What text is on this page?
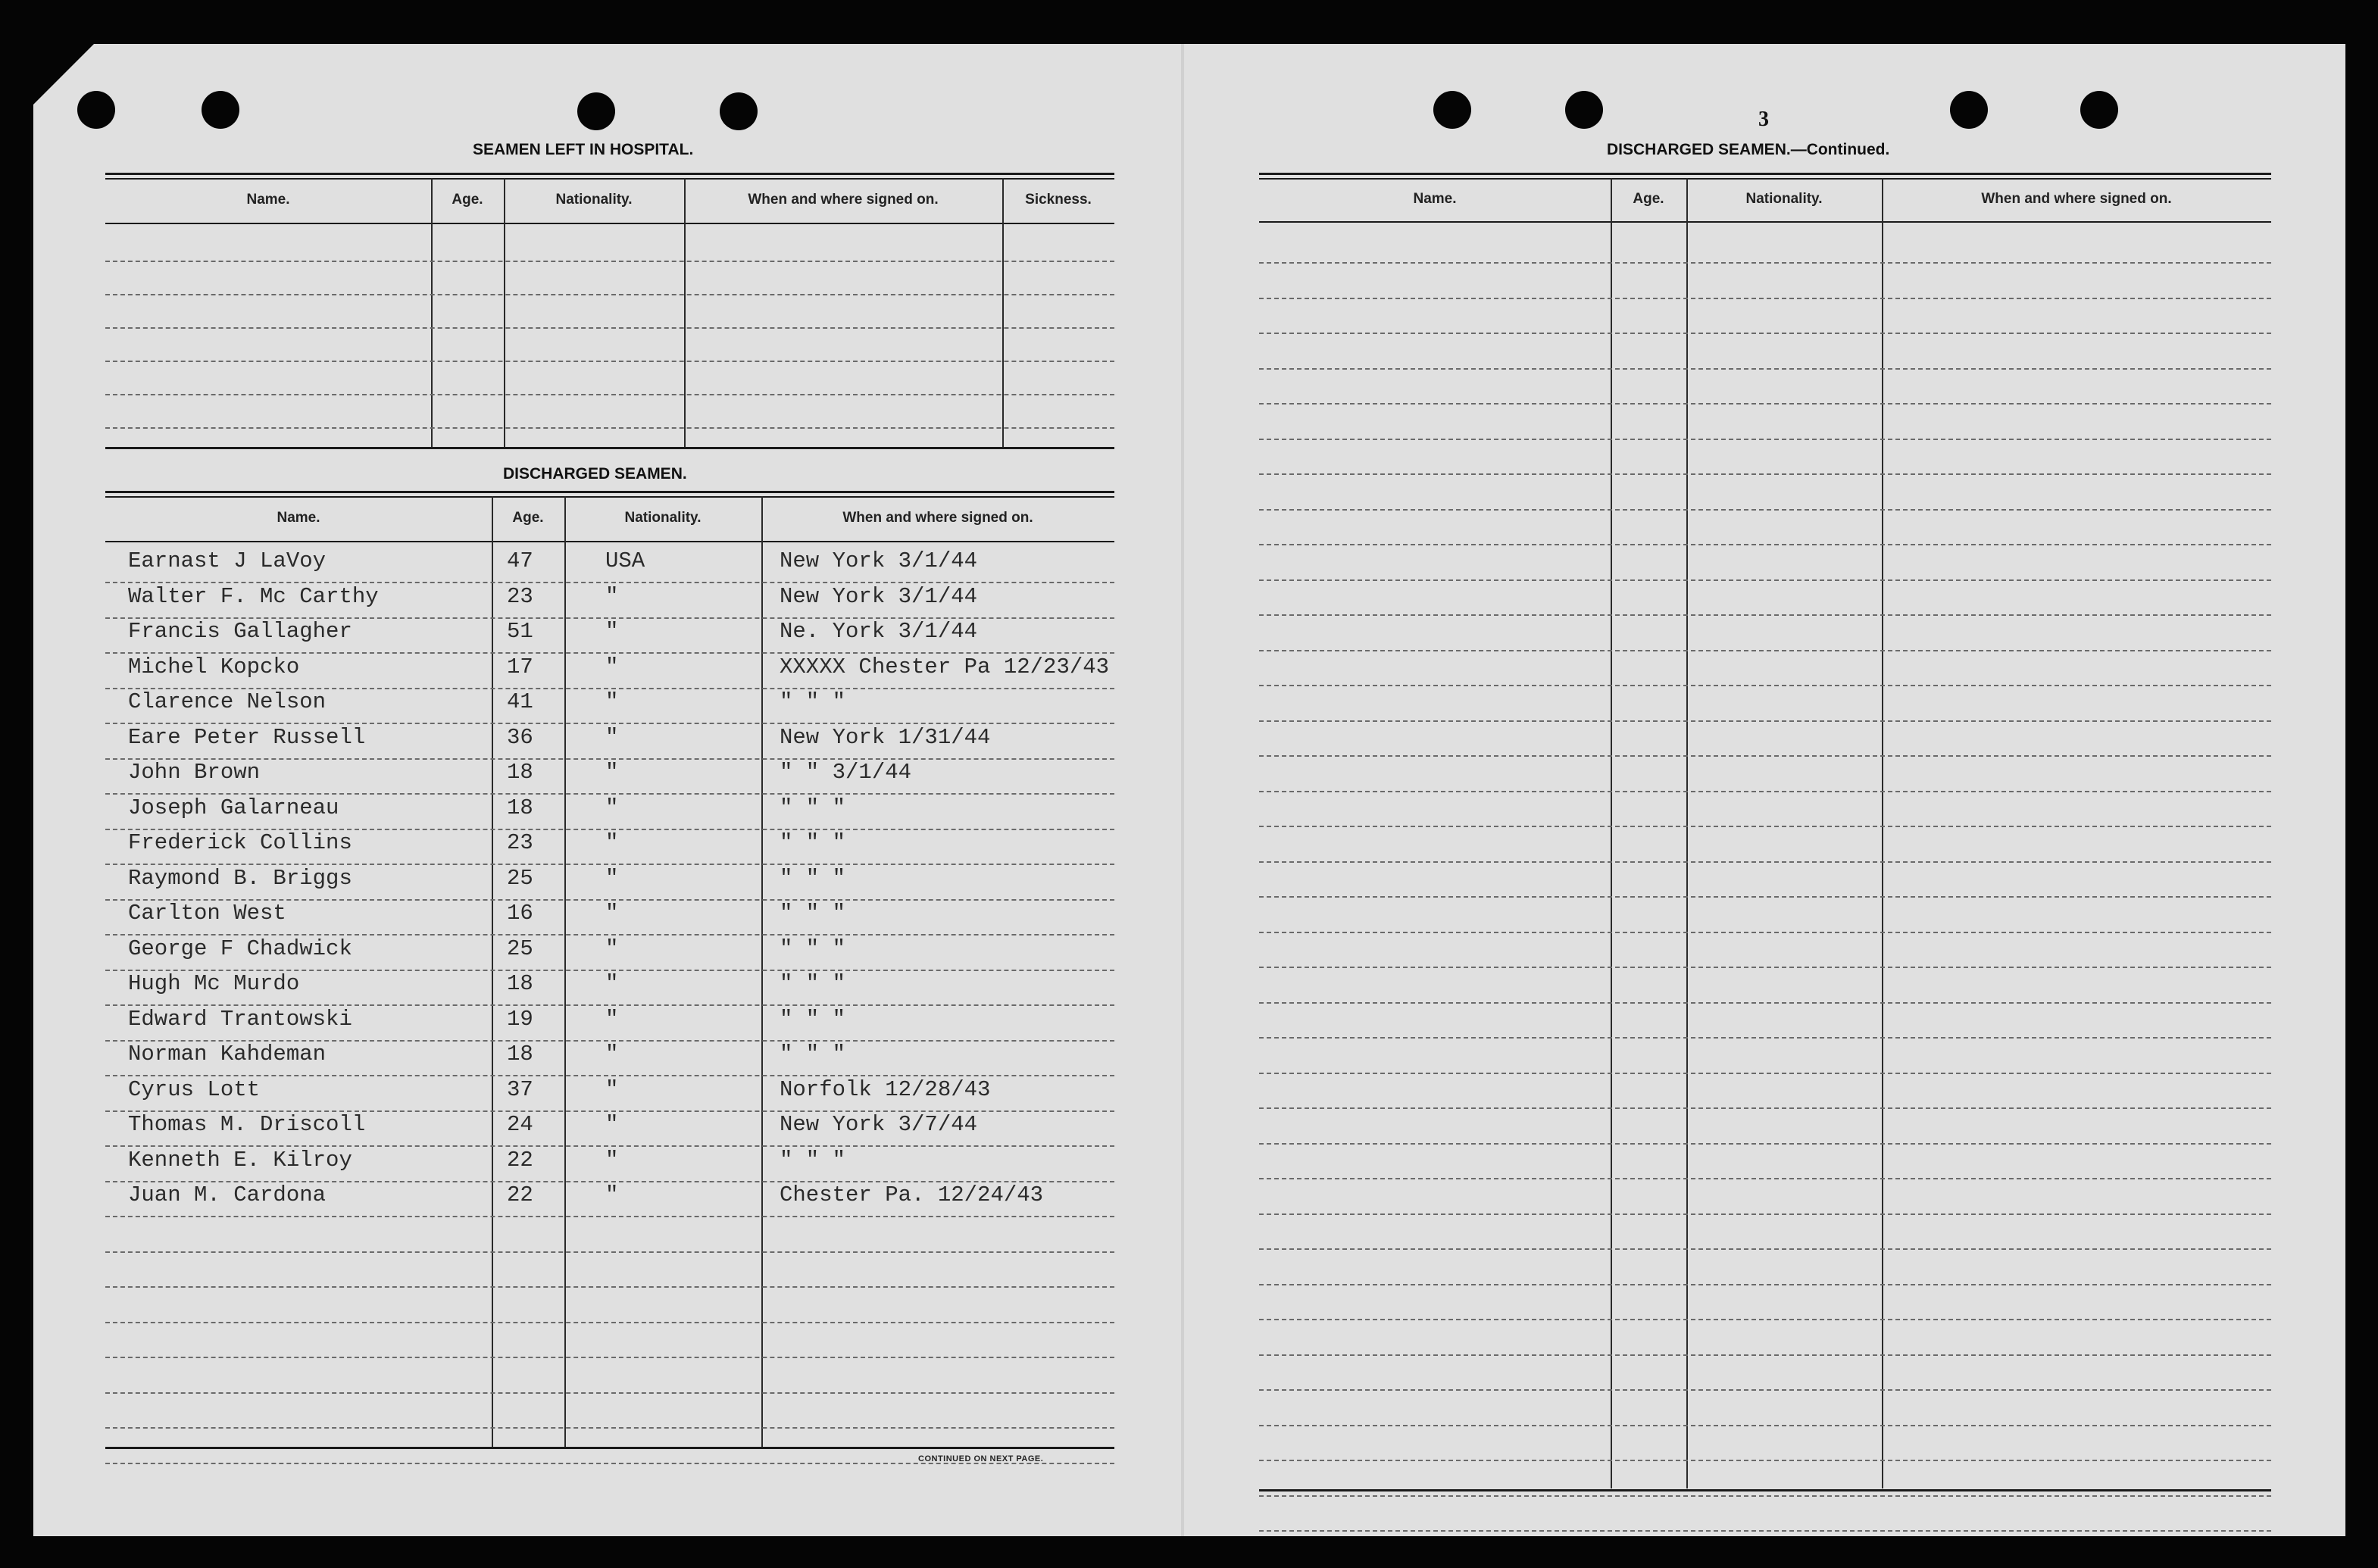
SEAMEN LEFT IN HOSPITAL.
Name.	Age.	Nationality.	When and where signed on.	Sickness.
DISCHARGED SEAMEN.
Name.	Age.	Nationality.	When and where signed on.
Earnast J LaVoy	47	USA	New York 3/1/44
Walter F. Mc Carthy	23	"	New York 3/1/44
Francis Gallagher	51	"	Ne. York 3/1/44
Michel Kopcko	17	"	XXXXX Chester Pa 12/23/43
Clarence Nelson	41	"	" " "
Eare Peter Russell	36	"	New York 1/31/44
John Brown	18	"	" " 3/1/44
Joseph Galarneau	18	"	" " "
Frederick Collins	23	"	" " "
Raymond B. Briggs	25	"	" " "
Carlton West	16	"	" " "
George F Chadwick	25	"	" " "
Hugh Mc Murdo	18	"	" " "
Edward Trantowski	19	"	" " "
Norman Kahdeman	18	"	" " "
Cyrus Lott	37	"	Norfolk 12/28/43
Thomas M. Driscoll	24	"	New York 3/7/44
Kenneth E. Kilroy	22	"	" " "
Juan M. Cardona	22	"	Chester Pa. 12/24/43
CONTINUED ON NEXT PAGE.
3
DISCHARGED SEAMEN.—Continued.
Name.	Age.	Nationality.	When and where signed on.
